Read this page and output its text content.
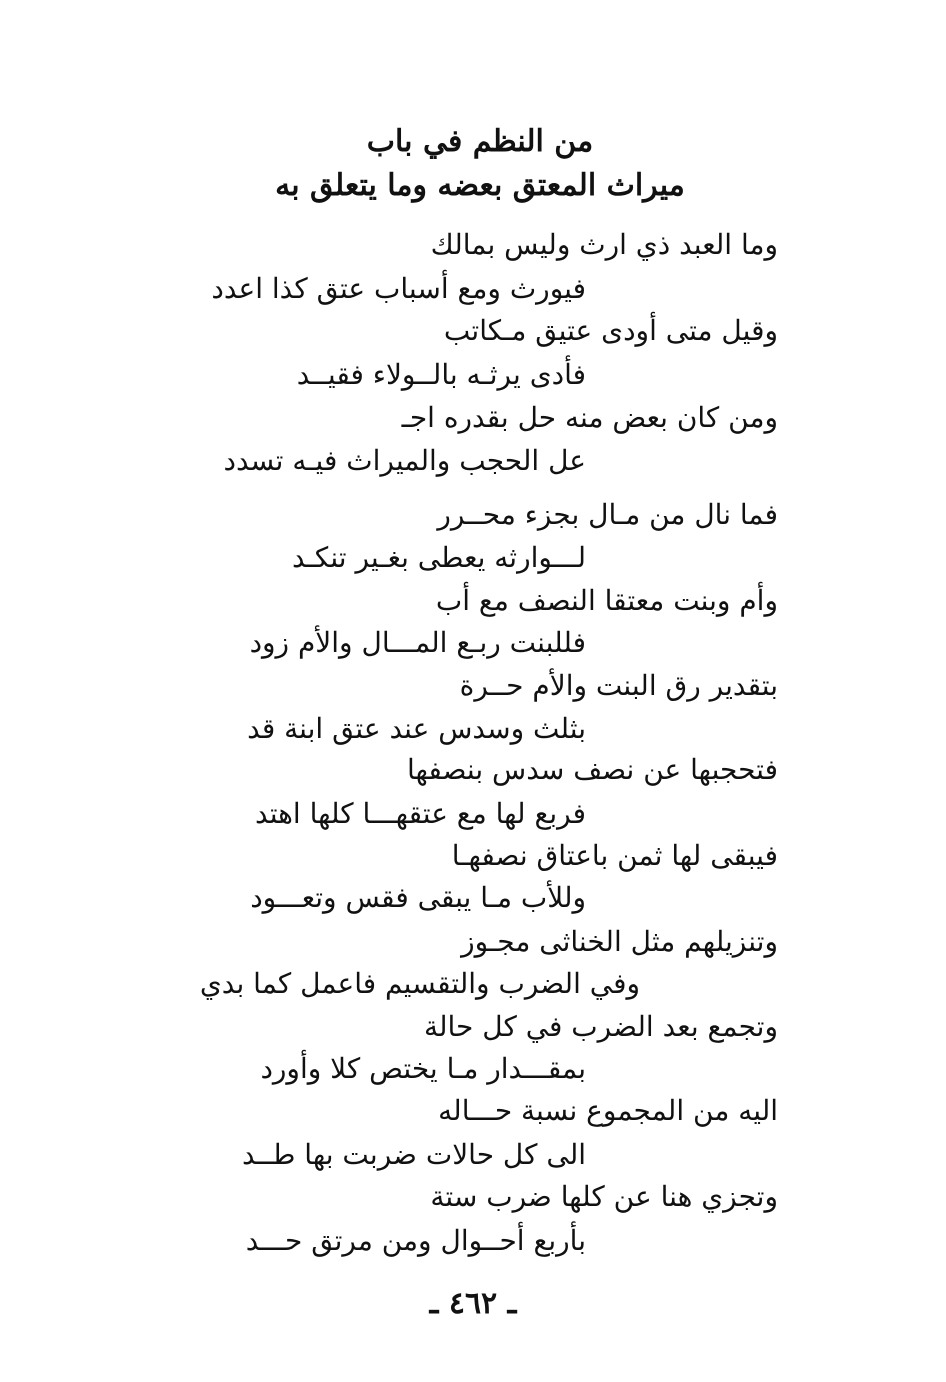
من النظم في باب
ميراث المعتق بعضه وما يتعلق به
وما العبد ذي ارث وليس بمالك
فيورث ومع أسباب عتق كذا اعدد
وقيل متى أودى عتيق مـكاتب
فأدى يرثـه بالــولاء فقيــد
ومن كان بعض منه حل بقدره اجـ
عل الحجب والميراث فيـه تسدد
فما نال من مـال بجزء محــرر
لـــوارثه يعطى بغـير تنكـد
وأم وبنت معتقا النصف مع أب
فللبنت ربـع المـــال والأم زود
بتقدير رق البنت والأم حــرة
بثلث وسدس عند عتق ابنة قد
فتحجبها عن نصف سدس بنصفها
فربع لها مع عتقهـــا كلها اهتد
فيبقى لها ثمن باعتاق نصفهـا
وللأب مـا يبقى فقس وتعـــود
وتنزيلهم مثل الخناثى مجـوز
وفي الضرب والتقسيم فاعمل كما بدي
وتجمع بعد الضرب في كل حالة
بمقـــدار مـا يختص كلا وأورد
اليه من المجموع نسبة حـــاله
الى كل حالات ضربت بها طــد
وتجزي هنا عن كلها ضرب ستة
بأربع أحــوال ومن مرتق حـــد
ـ ٤٦٢ ـ
